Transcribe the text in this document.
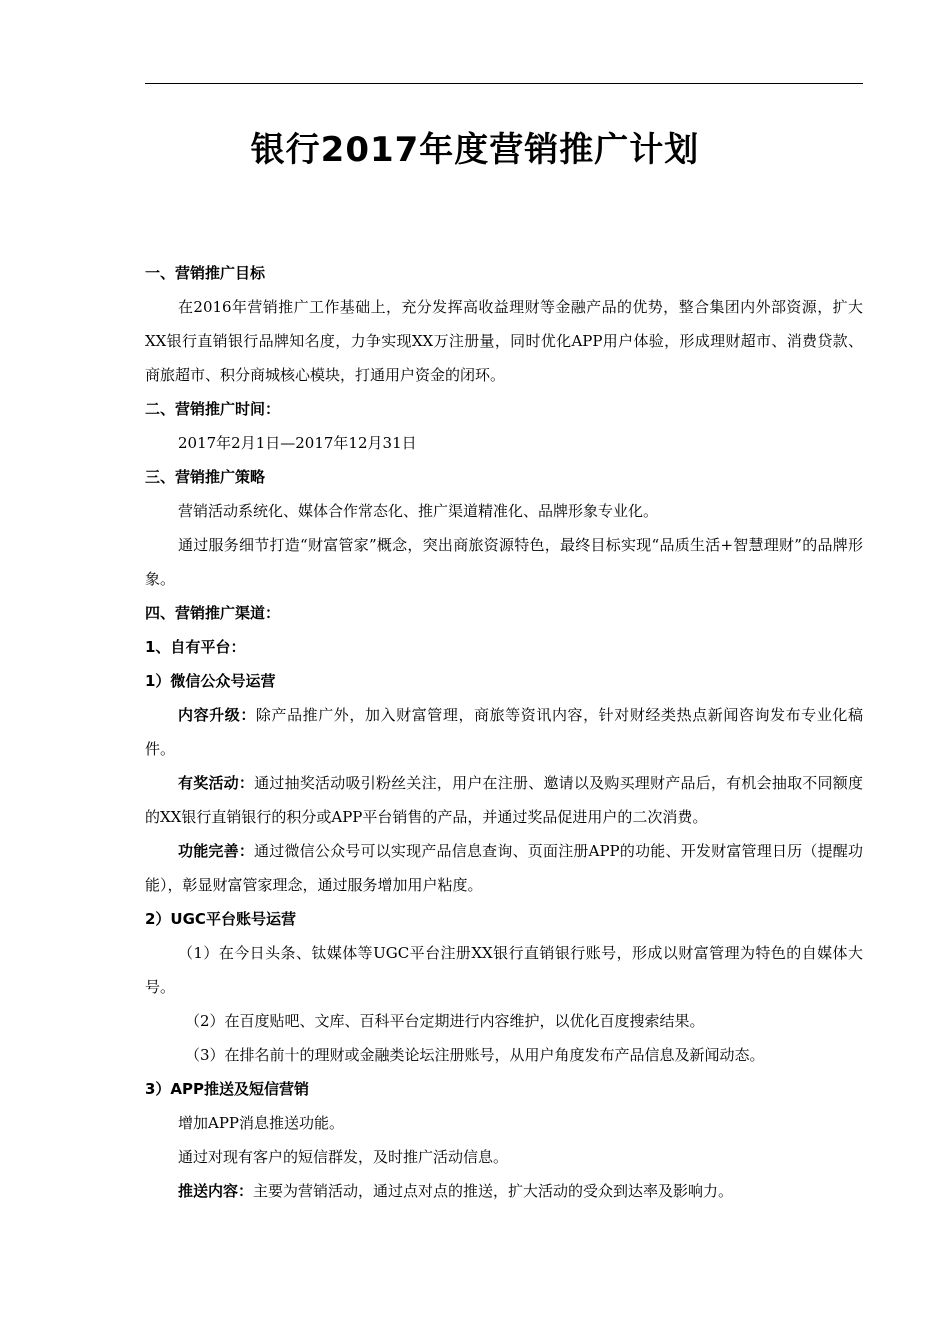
银行2017年度营销推广计划
一、营销推广目标
在2016年营销推广工作基础上，充分发挥高收益理财等金融产品的优势，整合集团内外部资源，扩大XX银行直销银行品牌知名度，力争实现XX万注册量，同时优化APP用户体验，形成理财超市、消费贷款、商旅超市、积分商城核心模块，打通用户资金的闭环。
二、营销推广时间：
2017年2月1日—2017年12月31日
三、营销推广策略
营销活动系统化、媒体合作常态化、推广渠道精准化、品牌形象专业化。
通过服务细节打造“财富管家”概念，突出商旅资源特色，最终目标实现“品质生活+智慧理财”的品牌形象。
四、营销推广渠道：
1、自有平台：
1）微信公众号运营
内容升级：除产品推广外，加入财富管理，商旅等资讯内容，针对财经类热点新闻咨询发布专业化稿件。
有奖活动：通过抽奖活动吸引粉丝关注，用户在注册、邀请以及购买理财产品后，有机会抽取不同额度的XX银行直销银行的积分或APP平台销售的产品，并通过奖品促进用户的二次消费。
功能完善：通过微信公众号可以实现产品信息查询、页面注册APP的功能、开发财富管理日历（提醒功能），彰显财富管家理念，通过服务增加用户粘度。
2）UGC平台账号运营
（1）在今日头条、钛媒体等UGC平台注册XX银行直销银行账号，形成以财富管理为特色的自媒体大号。
（2）在百度贴吧、文库、百科平台定期进行内容维护，以优化百度搜索结果。
（3）在排名前十的理财或金融类论坛注册账号，从用户角度发布产品信息及新闻动态。
3）APP推送及短信营销
增加APP消息推送功能。
通过对现有客户的短信群发，及时推广活动信息。
推送内容：主要为营销活动，通过点对点的推送，扩大活动的受众到达率及影响力。
